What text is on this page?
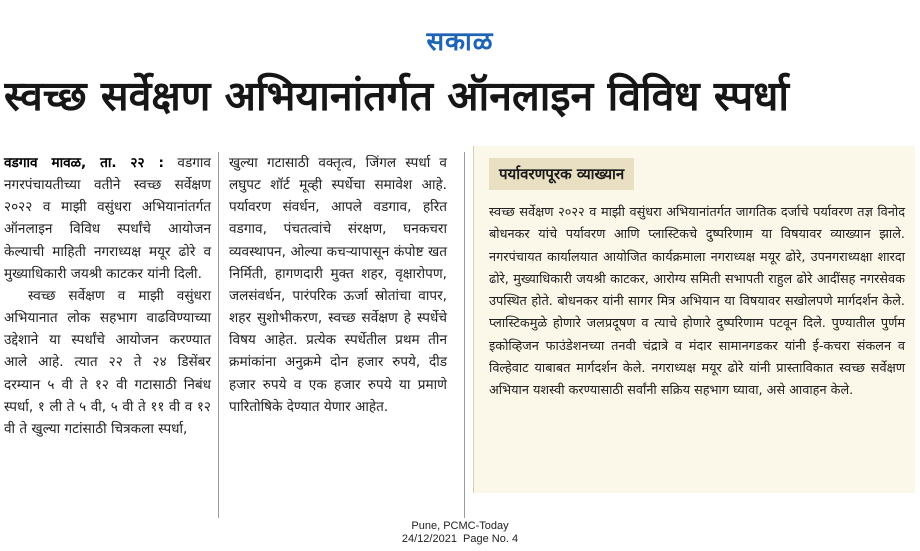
सकाळ
स्वच्छ सर्वेक्षण अभियानांतर्गत ऑनलाइन विविध स्पर्धा

वडगाव मावळ, ता. २२ : वडगाव नगरपंचायतीच्या वतीने स्वच्छ सर्वेक्षण २०२२ व माझी वसुंधरा अभियानांतर्गत ऑनलाइन विविध स्पर्धांचे आयोजन केल्याची माहिती नगराध्यक्ष मयूर ढोरे व मुख्याधिकारी जयश्री काटकर यांनी दिली.

स्वच्छ सर्वेक्षण व माझी वसुंधरा अभियानात लोक सहभाग वाढविण्याच्या उद्देशाने या स्पर्धांचे आयोजन करण्यात आले आहे. त्यात २२ ते २४ डिसेंबर दरम्यान ५ वी ते १२ वी गटासाठी निबंध स्पर्धा, १ ली ते ५ वी, ५ वी ते ११ वी व १२ वी ते खुल्या गटांसाठी चित्रकला स्पर्धा,

खुल्या गटासाठी वक्तृत्व, जिंगल स्पर्धा व लघुपट शॉर्ट मूव्ही स्पर्धेचा समावेश आहे. पर्यावरण संवर्धन, आपले वडगाव, हरित वडगाव, पंचतत्वांचे संरक्षण, घनकचरा व्यवस्थापन, ओल्या कचऱ्यापासून कंपोष्ट खत निर्मिती, हागणदारी मुक्त शहर, वृक्षारोपण, जलसंवर्धन, पारंपरिक ऊर्जा स्रोतांचा वापर, शहर सुशोभीकरण, स्वच्छ सर्वेक्षण हे स्पर्धेचे विषय आहेत. प्रत्येक स्पर्धेतील प्रथम तीन क्रमांकांना अनुक्रमे दोन हजार रुपये, दीड हजार रुपये व एक हजार रुपये या प्रमाणे पारितोषिके देण्यात येणार आहेत.

पर्यावरणपूरक व्याख्यान
स्वच्छ सर्वेक्षण २०२२ व माझी वसुंधरा अभियानांतर्गत जागतिक दर्जाचे पर्यावरण तज्ञ विनोद बोधनकर यांचे पर्यावरण आणि प्लास्टिकचे दुष्परिणाम या विषयावर व्याख्यान झाले. नगरपंचायत कार्यालयात आयोजित कार्यक्रमाला नगराध्यक्ष मयूर ढोरे, उपनगराध्यक्षा शारदा ढोरे, मुख्याधिकारी जयश्री काटकर, आरोग्य समिती सभापती राहुल ढोरे आदींसह नगरसेवक उपस्थित होते. बोधनकर यांनी सागर मित्र अभियान या विषयावर सखोलपणे मार्गदर्शन केले. प्लास्टिकमुळे होणारे जलप्रदूषण व त्याचे होणारे दुष्परिणाम पटवून दिले. पुण्यातील पुर्णम इकोव्हिजन फाउंडेशनच्या तनवी चंद्रात्रे व मंदार सामानगडकर यांनी ई-कचरा संकलन व विल्हेवाट याबाबत मार्गदर्शन केले. नगराध्यक्ष मयूर ढोरे यांनी प्रास्ताविकात स्वच्छ सर्वेक्षण अभियान यशस्वी करण्यासाठी सर्वांनी सक्रिय सहभाग घ्यावा, असे आवाहन केले.
Pune, PCMC-Today
24/12/2021  Page No. 4
